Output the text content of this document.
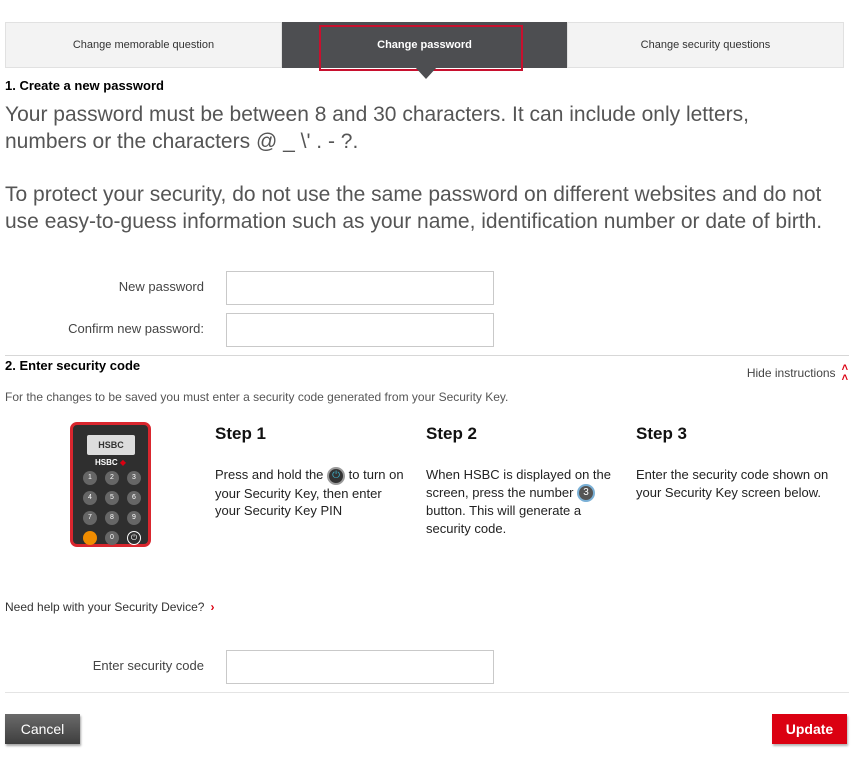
Change memorable question	Change password	Change security questions
1. Create a new password
Your password must be between 8 and 30 characters. It can include only letters, numbers or the characters @ _ \' . - ?.
To protect your security, do not use the same password on different websites and do not use easy-to-guess information such as your name, identification number or date of birth.
New password
Confirm new password:
2. Enter security code	Hide instructions ˄
˄
For the changes to be saved you must enter a security code generated from your Security Key.
HSBC
HSBC ◆
1	2	3
4	5	6
7	8	9
0	⏻
Step 1

Press and hold the ⏻ to turn on your Security Key, then enter your Security Key PIN

Step 2

When HSBC is displayed on the screen, press the number 3button. This will generate a security code.

Step 3

Enter the security code shown on your Security Key screen below.

Need help with your Security Device? ›
Enter security code
Cancel	Update
